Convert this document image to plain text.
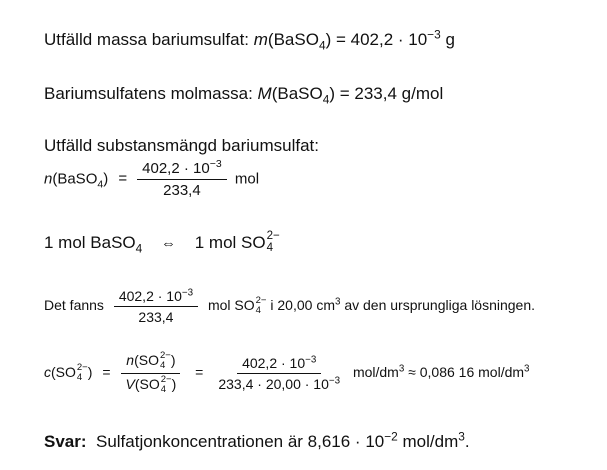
Utfälld massa bariumsulfat: m(BaSO$_4$) = $402,2 \cdot 10^{-3}$ g
Bariumsulfatens molmassa: M(BaSO$_4$) = 233,4 g/mol
Utfälld substansmängd bariumsulfat:
n(BaSO$_4$) = $\frac{402,2 \cdot 10^{-3}}{233,4}$ mol
1 mol BaSO$_4$ ⇔ 1 mol SO 2−
4
Det fanns $\frac{402,2 \cdot 10^{-3}}{233,4}$ mol SO 2−
4 i 20,00 $cm^3$ av den ursprungliga lösningen.
c(SO 2−
4 ) = n(SO 2−
4 )
V(SO 2−
4 ) = $\frac{402,2 \cdot 10^{-3}}{233,4 \cdot 20,00 \cdot 10^{-3}} mol/dm^3 \approx 0,086$ 16 mol/$dm^3$
Svar:  Sulfatjonkoncentrationen är $8,616 \cdot 10^{-2}$ mol/$dm^3$.
